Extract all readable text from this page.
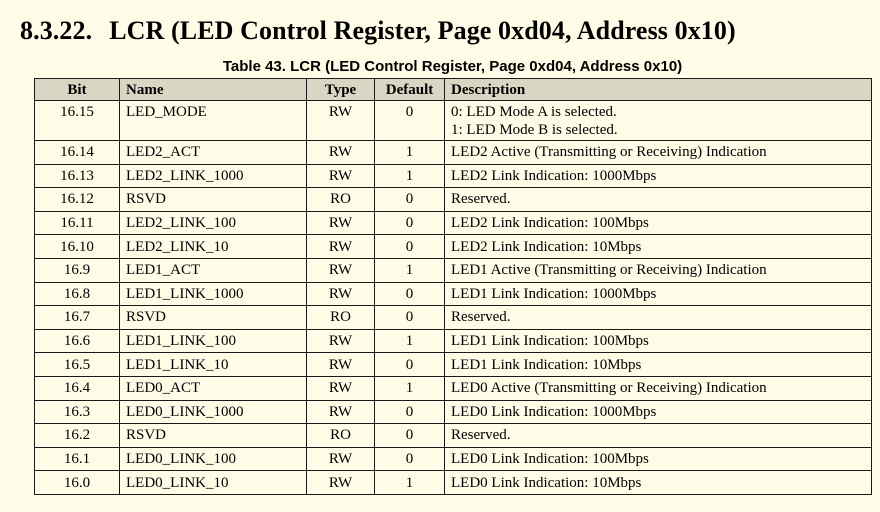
8.3.22. LCR (LED Control Register, Page 0xd04, Address 0x10)
Table 43. LCR (LED Control Register, Page 0xd04, Address 0x10)
Bit	Name	Type	Default	Description
16.15	LED_MODE	RW	0	0: LED Mode A is selected.
1: LED Mode B is selected.

16.14	LED2_ACT	RW	1	LED2 Active (Transmitting or Receiving) Indication

16.13	LED2_LINK_1000	RW	1	LED2 Link Indication: 1000Mbps

16.12	RSVD	RO	0	Reserved.

16.11	LED2_LINK_100	RW	0	LED2 Link Indication: 100Mbps

16.10	LED2_LINK_10	RW	0	LED2 Link Indication: 10Mbps

16.9	LED1_ACT	RW	1	LED1 Active (Transmitting or Receiving) Indication

16.8	LED1_LINK_1000	RW	0	LED1 Link Indication: 1000Mbps

16.7	RSVD	RO	0	Reserved.

16.6	LED1_LINK_100	RW	1	LED1 Link Indication: 100Mbps

16.5	LED1_LINK_10	RW	0	LED1 Link Indication: 10Mbps

16.4	LED0_ACT	RW	1	LED0 Active (Transmitting or Receiving) Indication

16.3	LED0_LINK_1000	RW	0	LED0 Link Indication: 1000Mbps

16.2	RSVD	RO	0	Reserved.

16.1	LED0_LINK_100	RW	0	LED0 Link Indication: 100Mbps

16.0	LED0_LINK_10	RW	1	LED0 Link Indication: 10Mbps
